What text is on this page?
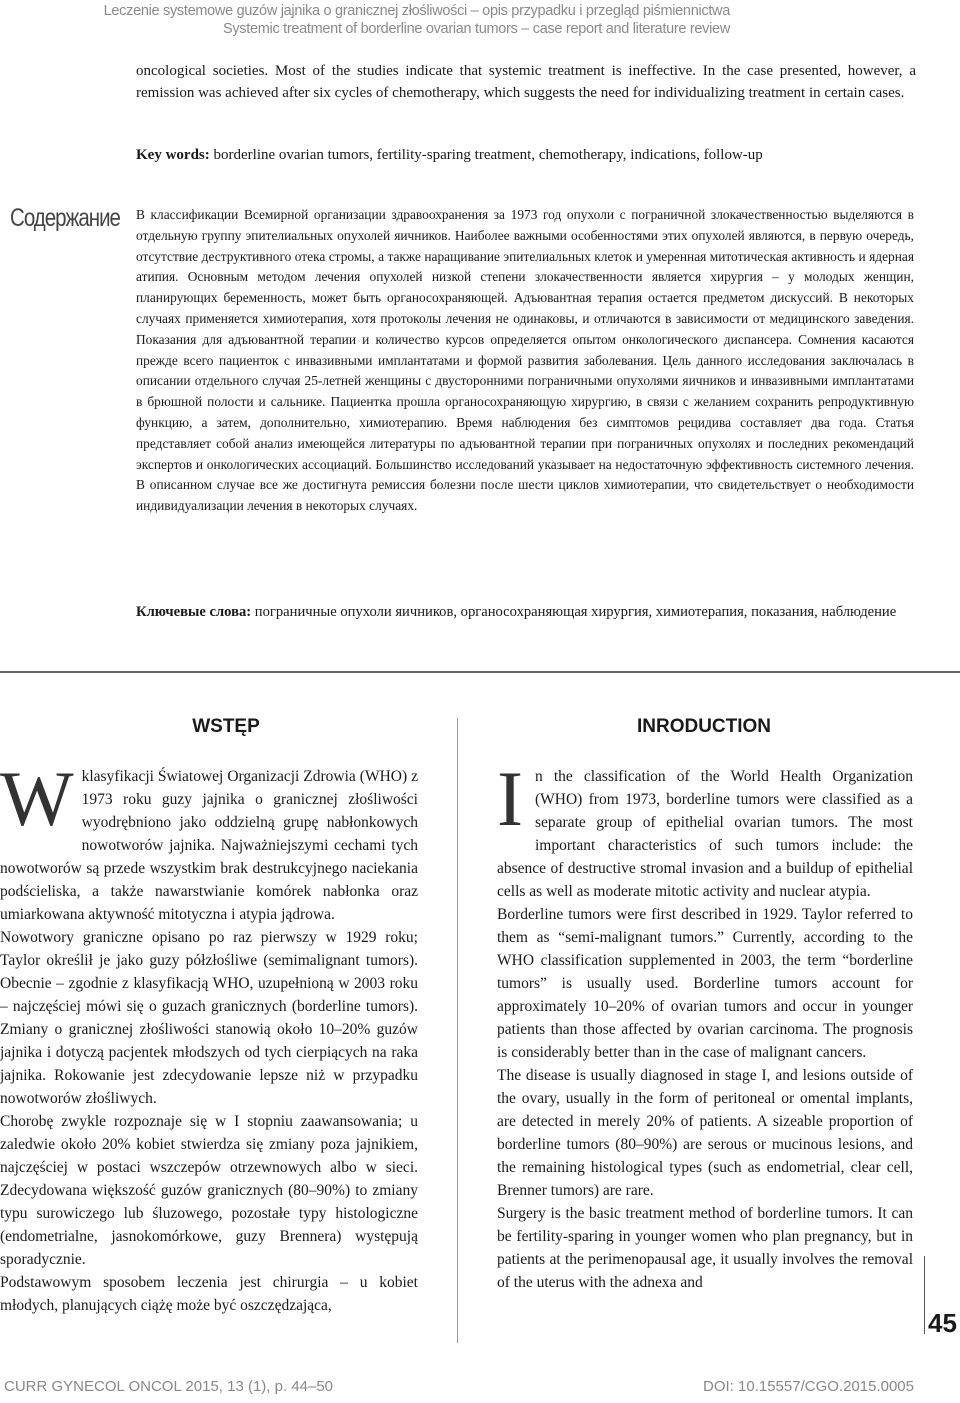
Leczenie systemowe guzów jajnika o granicznej złośliwości – opis przypadku i przegląd piśmiennictwa
Systemic treatment of borderline ovarian tumors – case report and literature review
oncological societies. Most of the studies indicate that systemic treatment is ineffective. In the case presented, however, a remission was achieved after six cycles of chemotherapy, which suggests the need for individualizing treatment in certain cases.
Key words: borderline ovarian tumors, fertility-sparing treatment, chemotherapy, indications, follow-up
Содержание В классификации Всемирной организации здравоохранения за 1973 год опухоли с пограничной злокачественностью выделяются в отдельную группу эпителиальных опухолей яичников. Наиболее важными особенностями этих опухолей являются, в первую очередь, отсутствие деструктивного отека стромы, а также наращивание эпителиальных клеток и умеренная митотическая активность и ядерная атипия. Основным методом лечения опухолей низкой степени злокачественности является хирургия – у молодых женщин, планирующих беременность, может быть органосохраняющей. Адъювантная терапия остается предметом дискуссий. В некоторых случаях применяется химиотерапия, хотя протоколы лечения не одинаковы, и отличаются в зависимости от медицинского заведения. Показания для адъювантной терапии и количество курсов определяется опытом онкологического диспансера. Сомнения касаются прежде всего пациенток с инвазивными имплантатами и формой развития заболевания. Цель данного исследования заключалась в описании отдельного случая 25-летней женщины с двусторонними пограничными опухолями яичников и инвазивными имплантатами в брюшной полости и сальнике. Пациентка прошла органосохраняющую хирургию, в связи с желанием сохранить репродуктивную функцию, а затем, дополнительно, химиотерапию. Время наблюдения без симптомов рецидива составляет два года. Статья представляет собой анализ имеющейся литературы по адъювантной терапии при пограничных опухолях и последних рекомендаций экспертов и онкологических ассоциаций. Большинство исследований указывает на недостаточную эффективность системного лечения. В описанном случае все же достигнута ремиссия болезни после шести циклов химиотерапии, что свидетельствует о необходимости индивидуализации лечения в некоторых случаях.
Ключевые слова: пограничные опухоли яичников, органосохраняющая хирургия, химиотерапия, показания, наблюдение
WSTĘP	INRODUCTION

W klasyfikacji Światowej Organizacji Zdrowia (WHO) z 1973 roku guzy jajnika o granicznej złośliwości wyodrębniono jako oddzielną grupę nabłonkowych nowotworów jajnika. Najważniejszymi cechami tych nowotworów są przede wszystkim brak destrukcyjnego naciekania podścieliska, a także nawarstwianie komórek nabłonka oraz umiarkowana aktywność mitotyczna i atypia jądrowa.

Nowotwory graniczne opisano po raz pierwszy w 1929 roku; Taylor określił je jako guzy półzłośliwe (semimalignant tumors). Obecnie – zgodnie z klasyfikacją WHO, uzupełnioną w 2003 roku – najczęściej mówi się o guzach granicznych (borderline tumors). Zmiany o granicznej złośliwości stanowią około 10–20% guzów jajnika i dotyczą pacjentek młodszych od tych cierpiących na raka jajnika. Rokowanie jest zdecydowanie lepsze niż w przypadku nowotworów złośliwych.

Chorobę zwykle rozpoznaje się w I stopniu zaawansowania; u zaledwie około 20% kobiet stwierdza się zmiany poza jajnikiem, najczęściej w postaci wszczepów otrzewnowych albo w sieci. Zdecydowana większość guzów granicznych (80–90%) to zmiany typu surowiczego lub śluzowego, pozostałe typy histologiczne (endometrialne, jasnokomórkowe, guzy Brennera) występują sporadycznie.

Podstawowym sposobem leczenia jest chirurgia – u kobiet młodych, planujących ciążę może być oszczędzająca,

In the classification of the World Health Organization (WHO) from 1973, borderline tumors were classified as a separate group of epithelial ovarian tumors. The most important characteristics of such tumors include: the absence of destructive stromal invasion and a buildup of epithelial cells as well as moderate mitotic activity and nuclear atypia.

Borderline tumors were first described in 1929. Taylor referred to them as “semi-malignant tumors.” Currently, according to the WHO classification supplemented in 2003, the term “borderline tumors” is usually used. Borderline tumors account for approximately 10–20% of ovarian tumors and occur in younger patients than those affected by ovarian carcinoma. The prognosis is considerably better than in the case of malignant cancers.

The disease is usually diagnosed in stage I, and lesions outside of the ovary, usually in the form of peritoneal or omental implants, are detected in merely 20% of patients. A sizeable proportion of borderline tumors (80–90%) are serous or mucinous lesions, and the remaining histological types (such as endometrial, clear cell, Brenner tumors) are rare.

Surgery is the basic treatment method of borderline tumors. It can be fertility-sparing in younger women who plan pregnancy, but in patients at the perimenopausal age, it usually involves the removal of the uterus with the adnexa and

45
CURR GYNECOL ONCOL 2015, 13 (1), p. 44–50	DOI: 10.15557/CGO.2015.0005
